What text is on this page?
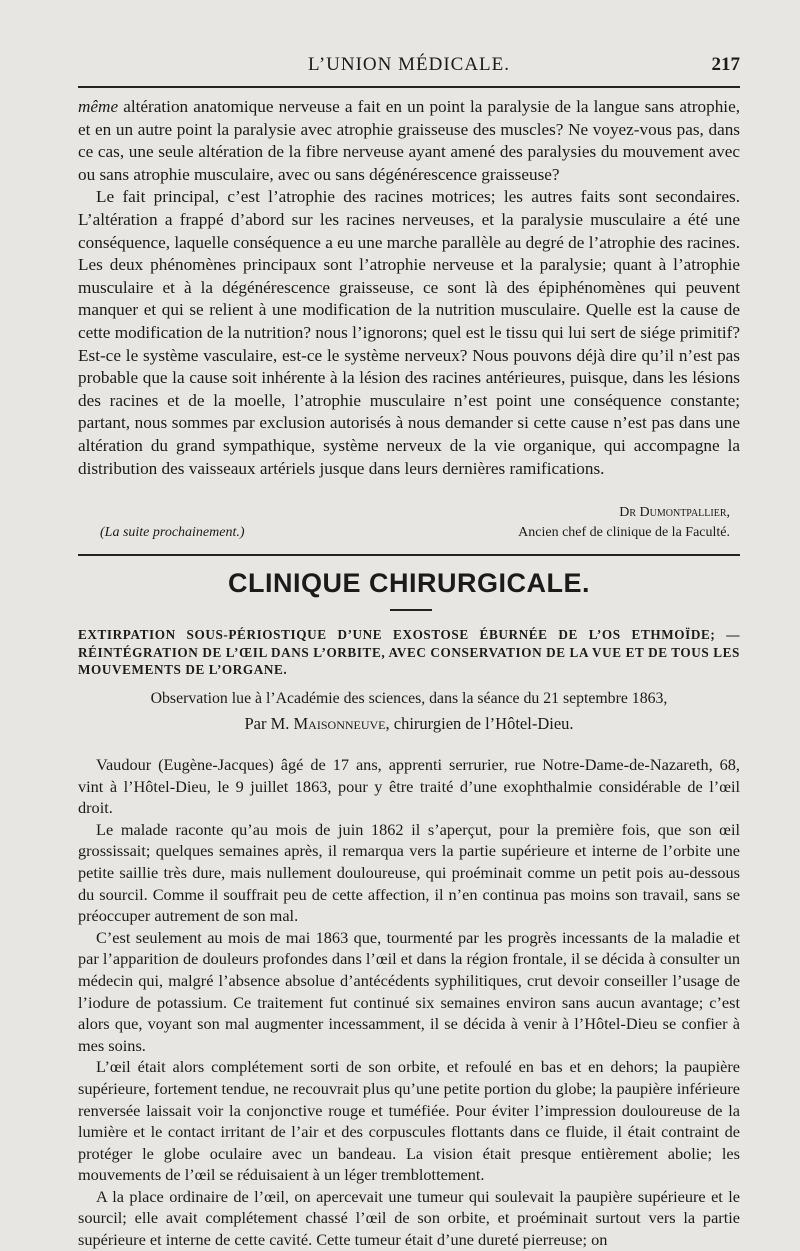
L’UNION MÉDICALE.	217

même altération anatomique nerveuse a fait en un point la paralysie de la langue sans atrophie, et en un autre point la paralysie avec atrophie graisseuse des muscles? Ne voyez-vous pas, dans ce cas, une seule altération de la fibre nerveuse ayant amené des paralysies du mouvement avec ou sans atrophie musculaire, avec ou sans dégénérescence graisseuse?

Le fait principal, c’est l’atrophie des racines motrices; les autres faits sont secondaires. L’altération a frappé d’abord sur les racines nerveuses, et la paralysie musculaire a été une conséquence, laquelle conséquence a eu une marche parallèle au degré de l’atrophie des racines. Les deux phénomènes principaux sont l’atrophie nerveuse et la paralysie; quant à l’atrophie musculaire et à la dégénérescence graisseuse, ce sont là des épiphénomènes qui peuvent manquer et qui se relient à une modification de la nutrition musculaire. Quelle est la cause de cette modification de la nutrition? nous l’ignorons; quel est le tissu qui lui sert de siége primitif? Est-ce le système vasculaire, est-ce le système nerveux? Nous pouvons déjà dire qu’il n’est pas probable que la cause soit inhérente à la lésion des racines antérieures, puisque, dans les lésions des racines et de la moelle, l’atrophie musculaire n’est point une conséquence constante; partant, nous sommes par exclusion autorisés à nous demander si cette cause n’est pas dans une altération du grand sympathique, système nerveux de la vie organique, qui accompagne la distribution des vaisseaux artériels jusque dans leurs dernières ramifications.

Dr Dumontpallier,
(La suite prochainement.)	Ancien chef de clinique de la Faculté.
CLINIQUE CHIRURGICALE.
EXTIRPATION SOUS-PÉRIOSTIQUE D’UNE EXOSTOSE ÉBURNÉE DE L’OS ETHMOÏDE; — RÉINTÉGRATION DE L’ŒIL DANS L’ORBITE, AVEC CONSERVATION DE LA VUE ET DE TOUS LES MOUVEMENTS DE L’ORGANE.
Observation lue à l’Académie des sciences, dans la séance du 21 septembre 1863,
Par M. Maisonneuve, chirurgien de l’Hôtel-Dieu.

Vaudour (Eugène-Jacques) âgé de 17 ans, apprenti serrurier, rue Notre-Dame-de-Nazareth, 68, vint à l’Hôtel-Dieu, le 9 juillet 1863, pour y être traité d’une exophthalmie considérable de l’œil droit.

Le malade raconte qu’au mois de juin 1862 il s’aperçut, pour la première fois, que son œil grossissait; quelques semaines après, il remarqua vers la partie supérieure et interne de l’orbite une petite saillie très dure, mais nullement douloureuse, qui proéminait comme un petit pois au-dessous du sourcil. Comme il souffrait peu de cette affection, il n’en continua pas moins son travail, sans se préoccuper autrement de son mal.

C’est seulement au mois de mai 1863 que, tourmenté par les progrès incessants de la maladie et par l’apparition de douleurs profondes dans l’œil et dans la région frontale, il se décida à consulter un médecin qui, malgré l’absence absolue d’antécédents syphilitiques, crut devoir conseiller l’usage de l’iodure de potassium. Ce traitement fut continué six semaines environ sans aucun avantage; c’est alors que, voyant son mal augmenter incessamment, il se décida à venir à l’Hôtel-Dieu se confier à mes soins.

L’œil était alors complétement sorti de son orbite, et refoulé en bas et en dehors; la paupière supérieure, fortement tendue, ne recouvrait plus qu’une petite portion du globe; la paupière inférieure renversée laissait voir la conjonctive rouge et tuméfiée. Pour éviter l’impression douloureuse de la lumière et le contact irritant de l’air et des corpuscules flottants dans ce fluide, il était contraint de protéger le globe oculaire avec un bandeau. La vision était presque entièrement abolie; les mouvements de l’œil se réduisaient à un léger tremblottement.

A la place ordinaire de l’œil, on apercevait une tumeur qui soulevait la paupière supérieure et le sourcil; elle avait complétement chassé l’œil de son orbite, et proéminait surtout vers la partie supérieure et interne de cette cavité. Cette tumeur était d’une dureté pierreuse; on
